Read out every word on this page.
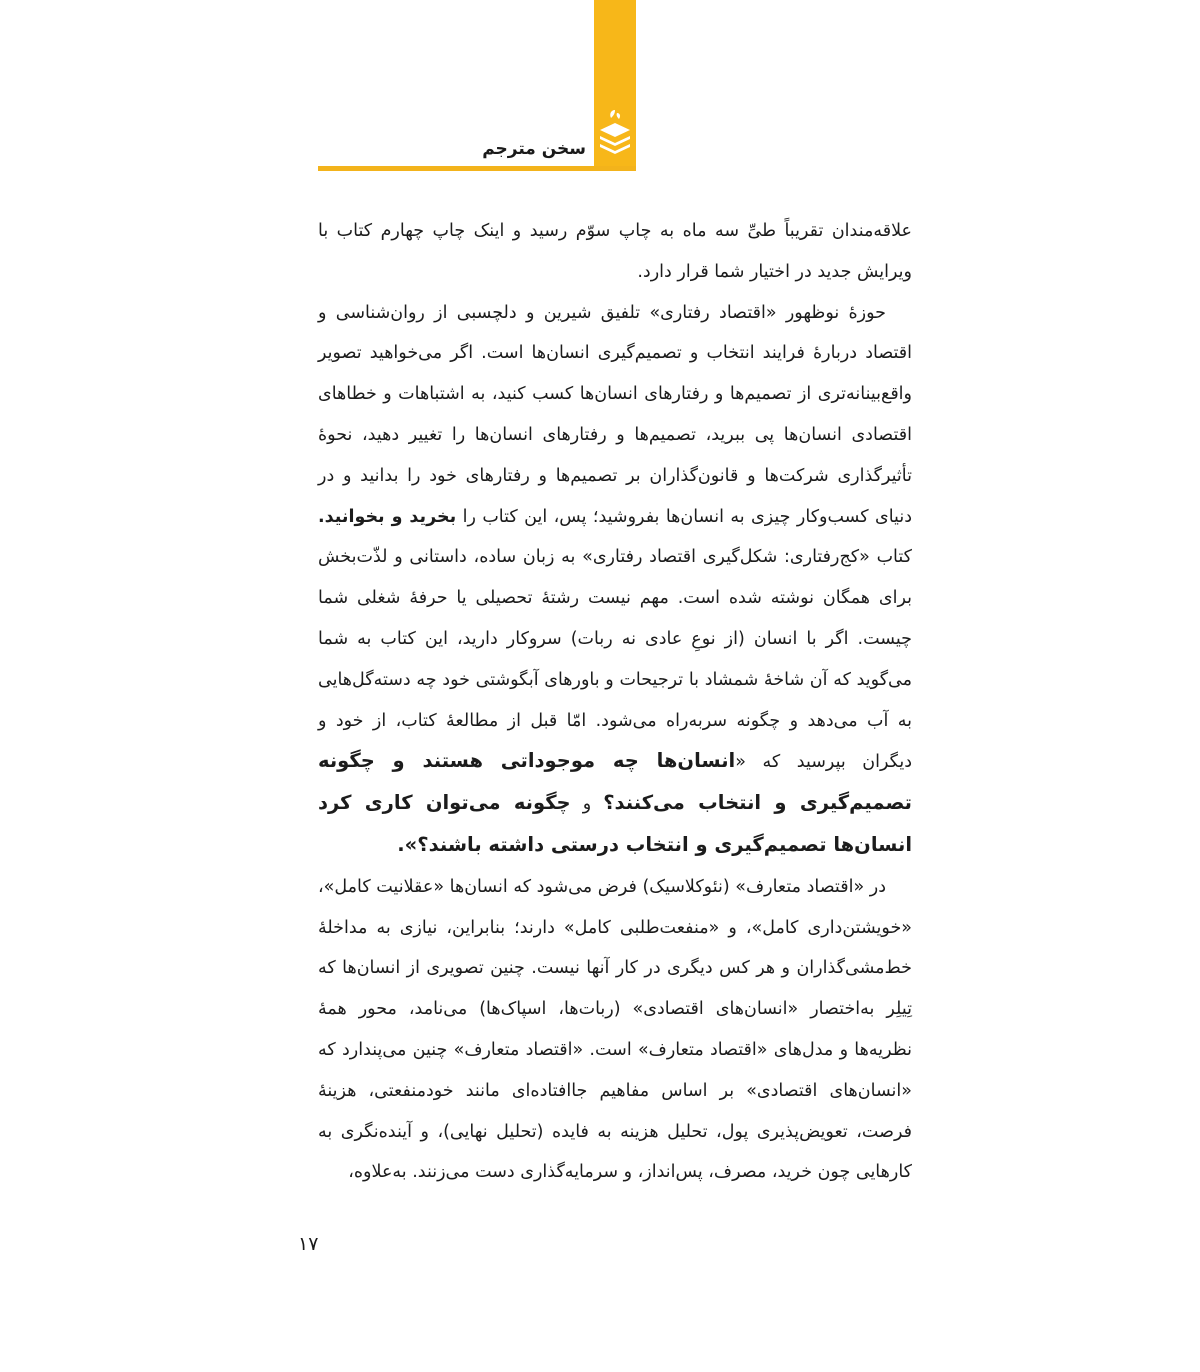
سخن مترجم

علاقه‌مندان تقریباً طیِّ سه ماه به چاپ سوّم رسید و اینک چاپ چهارم کتاب با ویرایش جدید در اختیار شما قرار دارد.

حوزهٔ نوظهور «اقتصاد رفتاری» تلفیق شیرین و دلچسبی از روان‌شناسی و اقتصاد دربارهٔ فرایند انتخاب و تصمیم‌گیری انسان‌ها است. اگر می‌خواهید تصویر واقع‌بینانه‌تری از تصمیم‌ها و رفتارهای انسان‌ها کسب کنید، به اشتباهات و خطاهای اقتصادی انسان‌ها پی ببرید، تصمیم‌ها و رفتارهای انسان‌ها را تغییر دهید، نحوهٔ تأثیرگذاری شرکت‌ها و قانون‌گذاران بر تصمیم‌ها و رفتارهای خود را بدانید و در دنیای کسب‌وکار چیزی به انسان‌ها بفروشید؛ پس، این کتاب را بخرید و بخوانید. کتاب «کج‌رفتاری: شکل‌گیری اقتصاد رفتاری» به زبان ساده، داستانی و لذّت‌بخش برای همگان نوشته شده است. مهم نیست رشتهٔ تحصیلی یا حرفهٔ شغلی شما چیست. اگر با انسان (از نوعِ عادی نه ربات) سروکار دارید، این کتاب به شما می‌گوید که آن شاخهٔ شمشاد با ترجیحات و باورهای آبگوشتی خود چه دسته‌گل‌هایی به آب می‌دهد و چگونه سربه‌راه می‌شود. امّا قبل از مطالعهٔ کتاب، از خود و دیگران بپرسید که «انسان‌ها چه موجوداتی هستند و چگونه تصمیم‌گیری و انتخاب می‌کنند؟ و چگونه می‌توان کاری کرد انسان‌ها تصمیم‌گیری و انتخاب درستی داشته باشند؟».

در «اقتصاد متعارف» (نئوکلاسیک) فرض می‌شود که انسان‌ها «عقلانیت کامل»، «خویشتن‌داری کامل»، و «منفعت‌طلبی کامل» دارند؛ بنابراین، نیازی به مداخلهٔ خط‌مشی‌گذاران و هر کس دیگری در کار آنها نیست. چنین تصویری از انسان‌ها که تِیلِر به‌اختصار «انسان‌های اقتصادی» (ربات‌ها، اسپاک‌ها) می‌نامد، محور همهٔ نظریه‌ها و مدل‌های «اقتصاد متعارف» است. «اقتصاد متعارف» چنین می‌پندارد که «انسان‌های اقتصادی» بر اساس مفاهیم جاافتاده‌ای مانند خودمنفعتی، هزینهٔ فرصت، تعویض‌پذیری پول، تحلیل هزینه به فایده (تحلیل نهایی)، و آینده‌نگری به کارهایی چون خرید، مصرف، پس‌انداز، و سرمایه‌گذاری دست می‌زنند. به‌علاوه،

۱۷
